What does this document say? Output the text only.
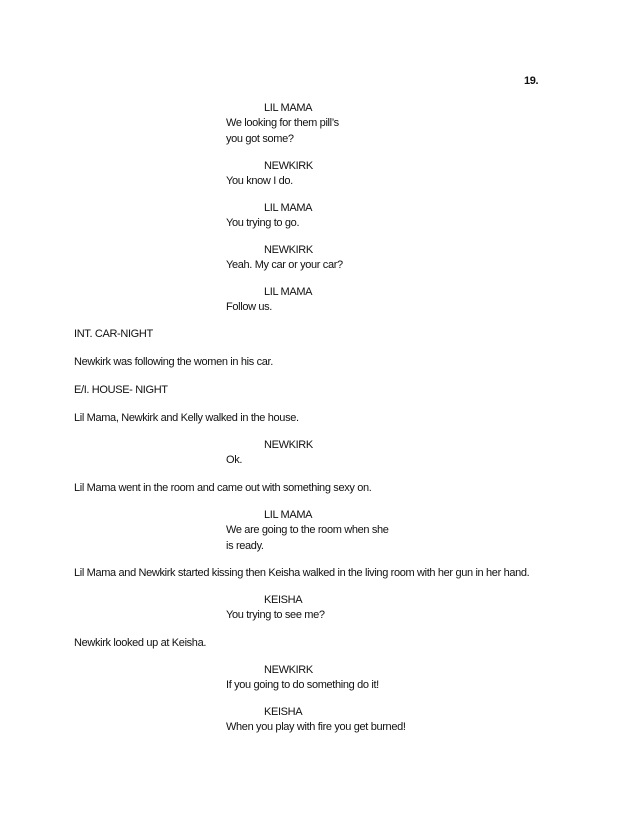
19.
LIL MAMA
We looking for them pill’s
you got some?
NEWKIRK
You know I do.
LIL MAMA
You trying to go.
NEWKIRK
Yeah. My car or your car?
LIL MAMA
Follow us.
INT. CAR-NIGHT
Newkirk was following the women in his car.
E/I. HOUSE- NIGHT
Lil Mama, Newkirk and Kelly walked in the house.
NEWKIRK
Ok.
Lil Mama went in the room and came out with something sexy on.
LIL MAMA
We are going to the room when she
is ready.
Lil Mama and Newkirk started kissing then Keisha walked in the living room with her gun in her hand.
KEISHA
You trying to see me?
Newkirk looked up at Keisha.
NEWKIRK
If you going to do something do it!
KEISHA
When you play with fire you get burned!
